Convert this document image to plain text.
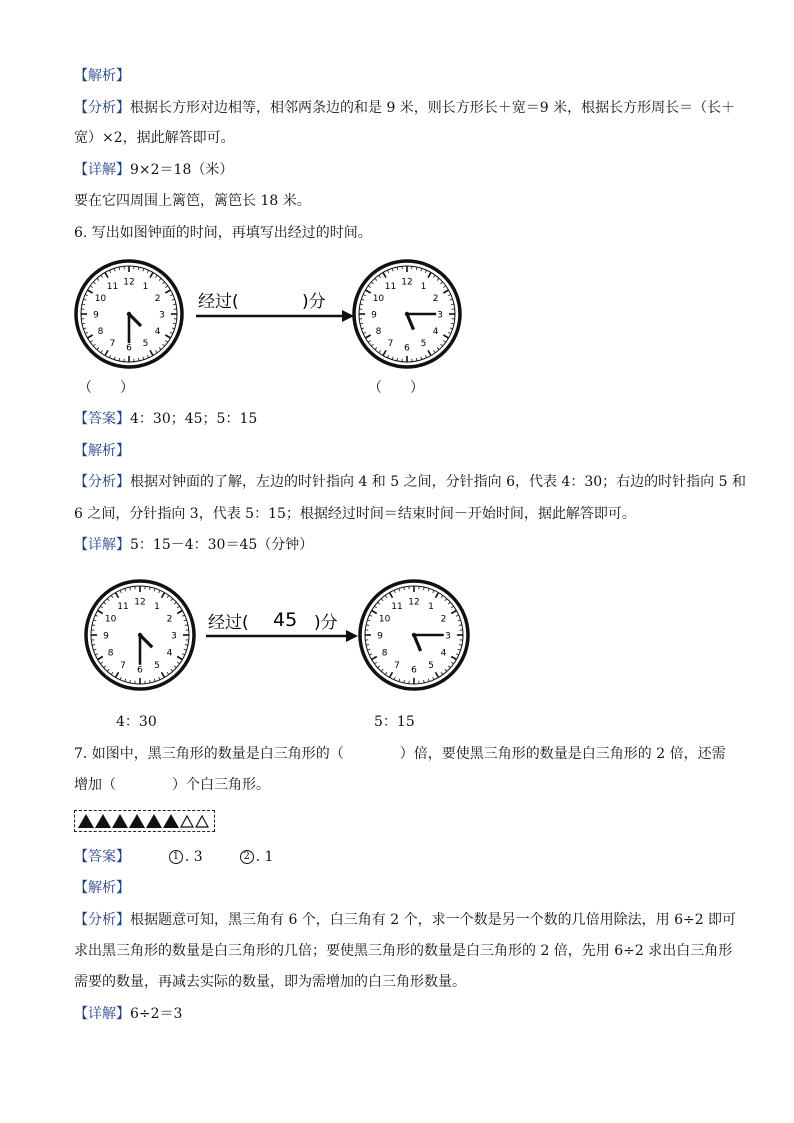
【解析】
【分析】根据长方形对边相等，相邻两条边的和是 9 米，则长方形长＋宽＝9 米，根据长方形周长＝（长＋
宽）×2，据此解答即可。
【详解】9×2＝18（米）
要在它四周围上篱笆，篱笆长 18 米。
6. 写出如图钟面的时间，再填写出经过的时间。
12 1
2
3
4
5
6
7
8
9
10
11
经过(	)分
12 1
2
3
4
5
6
7
8
9
10
11
（　　）	（　　）
【答案】4：30；45；5：15
【解析】
【分析】根据对钟面的了解，左边的时针指向 4 和 5 之间，分针指向 6，代表 4：30；右边的时针指向 5 和
6 之间，分针指向 3，代表 5：15；根据经过时间＝结束时间－开始时间，据此解答即可。
【详解】5：15－4：30＝45（分钟）
12 1
2
3
4
5
6
7
8
9
10
11
经过( 45 )分
12 1
2
3
4
5
6
7
8
9
10
11
4：30	5：15
7. 如图中，黑三角形的数量是白三角形的（　　　　）倍，要使黑三角形的数量是白三角形的 2 倍，还需
增加（　　　　）个白三角形。
【答案】	1 . 3	2 . 1
【解析】
【分析】根据题意可知，黑三角有 6 个，白三角有 2 个，求一个数是另一个数的几倍用除法，用 6÷2 即可
求出黑三角形的数量是白三角形的几倍；要使黑三角形的数量是白三角形的 2 倍，先用 6÷2 求出白三角形
需要的数量，再减去实际的数量，即为需增加的白三角形数量。
【详解】6÷2＝3
